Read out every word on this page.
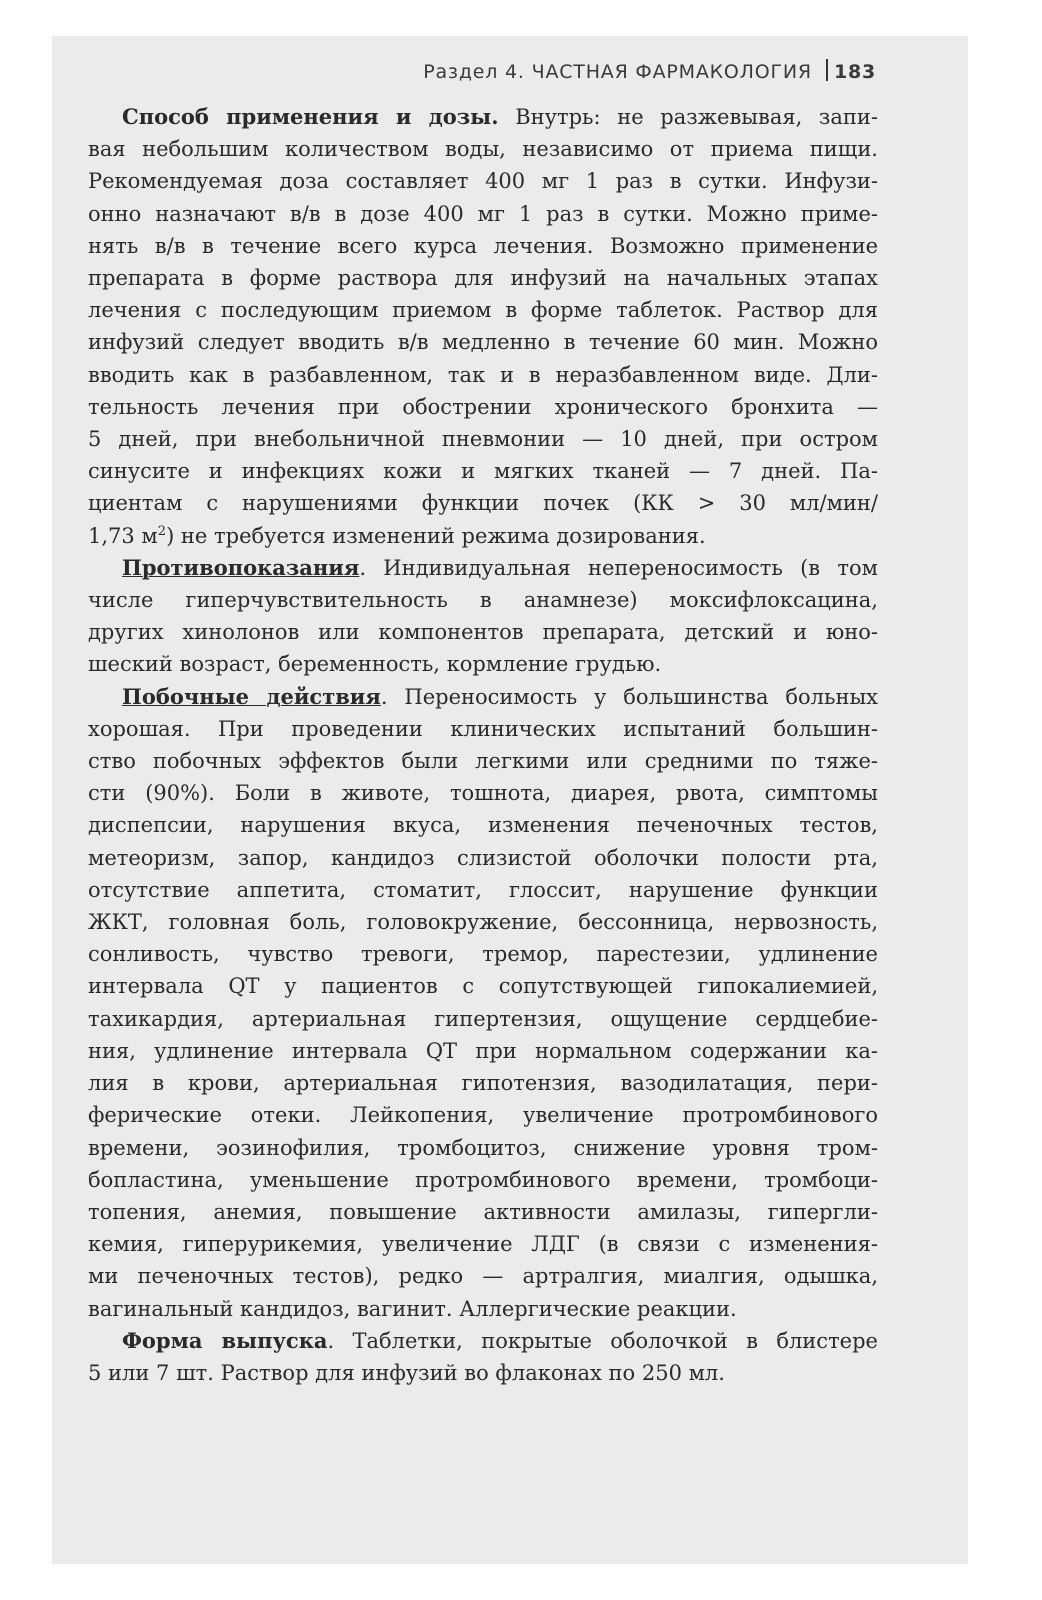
Раздел 4. ЧАСТНАЯ ФАРМАКОЛОГИЯ 183

Способ применения и дозы. Внутрь: не разжевывая, запи-
вая небольшим количеством воды, независимо от приема пищи.
Рекомендуемая доза составляет 400 мг 1 раз в сутки. Инфузи-
онно назначают в/в в дозе 400 мг 1 раз в сутки. Можно приме-
нять в/в в течение всего курса лечения. Возможно применение
препарата в форме раствора для инфузий на начальных этапах
лечения с последующим приемом в форме таблеток. Раствор для
инфузий следует вводить в/в медленно в течение 60 мин. Можно
вводить как в разбавленном, так и в неразбавленном виде. Дли-
тельность лечения при обострении хронического бронхита —
5 дней, при внебольничной пневмонии — 10 дней, при остром
синусите и инфекциях кожи и мягких тканей — 7 дней. Па-
циентам с нарушениями функции почек (КК > 30 мл/мин/
1,73 $м^2$) не требуется изменений режима дозирования.

Противопоказания. Индивидуальная непереносимость (в том
числе гиперчувствительность в анамнезе) моксифлоксацина,
других хинолонов или компонентов препарата, детский и юно-
шеский возраст, беременность, кормление грудью.

Побочные действия. Переносимость у большинства больных
хорошая. При проведении клинических испытаний большин-
ство побочных эффектов были легкими или средними по тяже-
сти (90%). Боли в животе, тошнота, диарея, рвота, симптомы
диспепсии, нарушения вкуса, изменения печеночных тестов,
метеоризм, запор, кандидоз слизистой оболочки полости рта,
отсутствие аппетита, стоматит, глоссит, нарушение функции
ЖКТ, головная боль, головокружение, бессонница, нервозность,
сонливость, чувство тревоги, тремор, парестезии, удлинение
интервала QT у пациентов с сопутствующей гипокалиемией,
тахикардия, артериальная гипертензия, ощущение сердцебие-
ния, удлинение интервала QT при нормальном содержании ка-
лия в крови, артериальная гипотензия, вазодилатация, пери-
ферические отеки. Лейкопения, увеличение протромбинового
времени, эозинофилия, тромбоцитоз, снижение уровня тром-
бопластина, уменьшение протромбинового времени, тромбоци-
топения, анемия, повышение активности амилазы, гипергли-
кемия, гиперурикемия, увеличение ЛДГ (в связи с изменения-
ми печеночных тестов), редко — артралгия, миалгия, одышка,
вагинальный кандидоз, вагинит. Аллергические реакции.

Форма выпуска. Таблетки, покрытые оболочкой в блистере
5 или 7 шт. Раствор для инфузий во флаконах по 250 мл.
